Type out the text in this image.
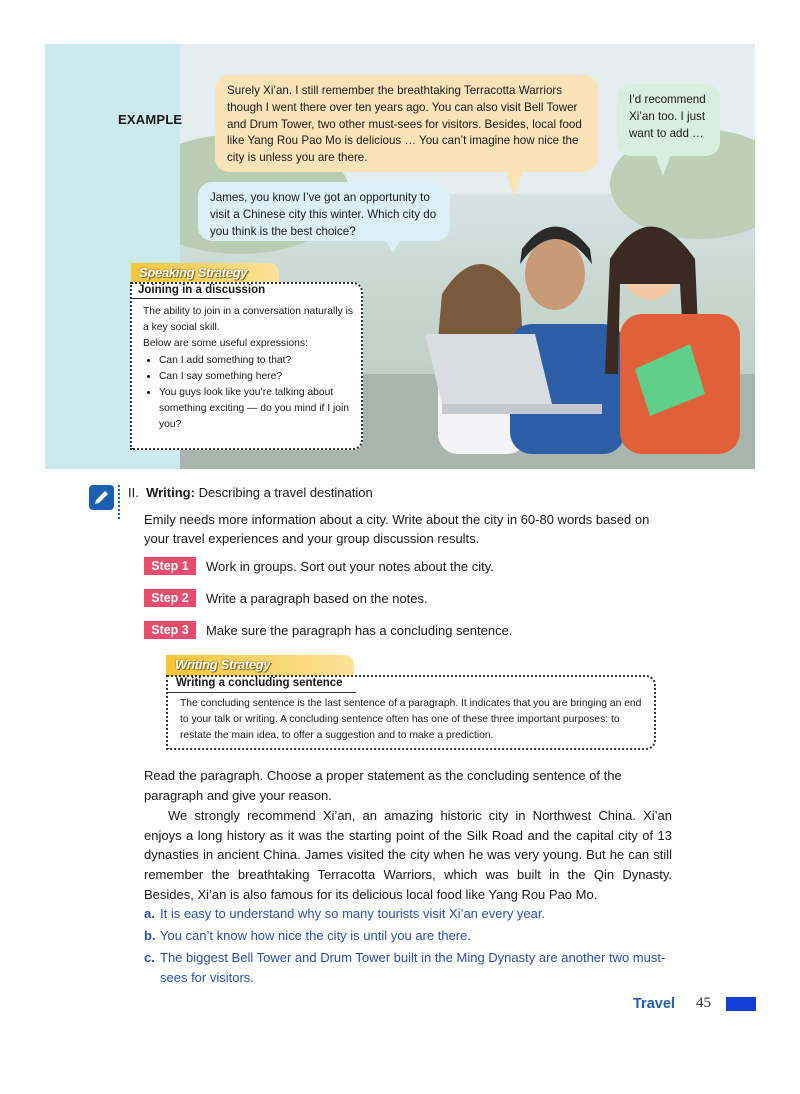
EXAMPLE
Surely Xi’an. I still remember the breathtaking Terracotta Warriors though I went there over ten years ago. You can also visit Bell Tower and Drum Tower, two other must-sees for visitors. Besides, local food like Yang Rou Pao Mo is delicious … You can’t imagine how nice the city is unless you are there.
I’d recommend Xi’an too. I just want to add …
James, you know I’ve got an opportunity to visit a Chinese city this winter. Which city do you think is the best choice?
Speaking Strategy
Joining in a discussion
The ability to join in a conversation naturally is a key social skill.
Below are some useful expressions:
• Can I add something to that?
• Can I say something here?
• You guys look like you’re talking about something exciting — do you mind if I join you?
II. Writing: Describing a travel destination
Emily needs more information about a city. Write about the city in 60-80 words based on your travel experiences and your group discussion results.
Step 1	Work in groups. Sort out your notes about the city.
Step 2	Write a paragraph based on the notes.
Step 3	Make sure the paragraph has a concluding sentence.
Writing Strategy
Writing a concluding sentence
The concluding sentence is the last sentence of a paragraph. It indicates that you are bringing an end to your talk or writing. A concluding sentence often has one of these three important purposes: to restate the main idea, to offer a suggestion and to make a prediction.
Read the paragraph. Choose a proper statement as the concluding sentence of the paragraph and give your reason.
We strongly recommend Xi’an, an amazing historic city in Northwest China. Xi’an enjoys a long history as it was the starting point of the Silk Road and the capital city of 13 dynasties in ancient China. James visited the city when he was very young. But he can still remember the breathtaking Terracotta Warriors, which was built in the Qin Dynasty. Besides, Xi’an is also famous for its delicious local food like Yang Rou Pao Mo.
a. It is easy to understand why so many tourists visit Xi’an every year.
b. You can’t know how nice the city is until you are there.
c. The biggest Bell Tower and Drum Tower built in the Ming Dynasty are another two must-sees for visitors.
Travel 45
